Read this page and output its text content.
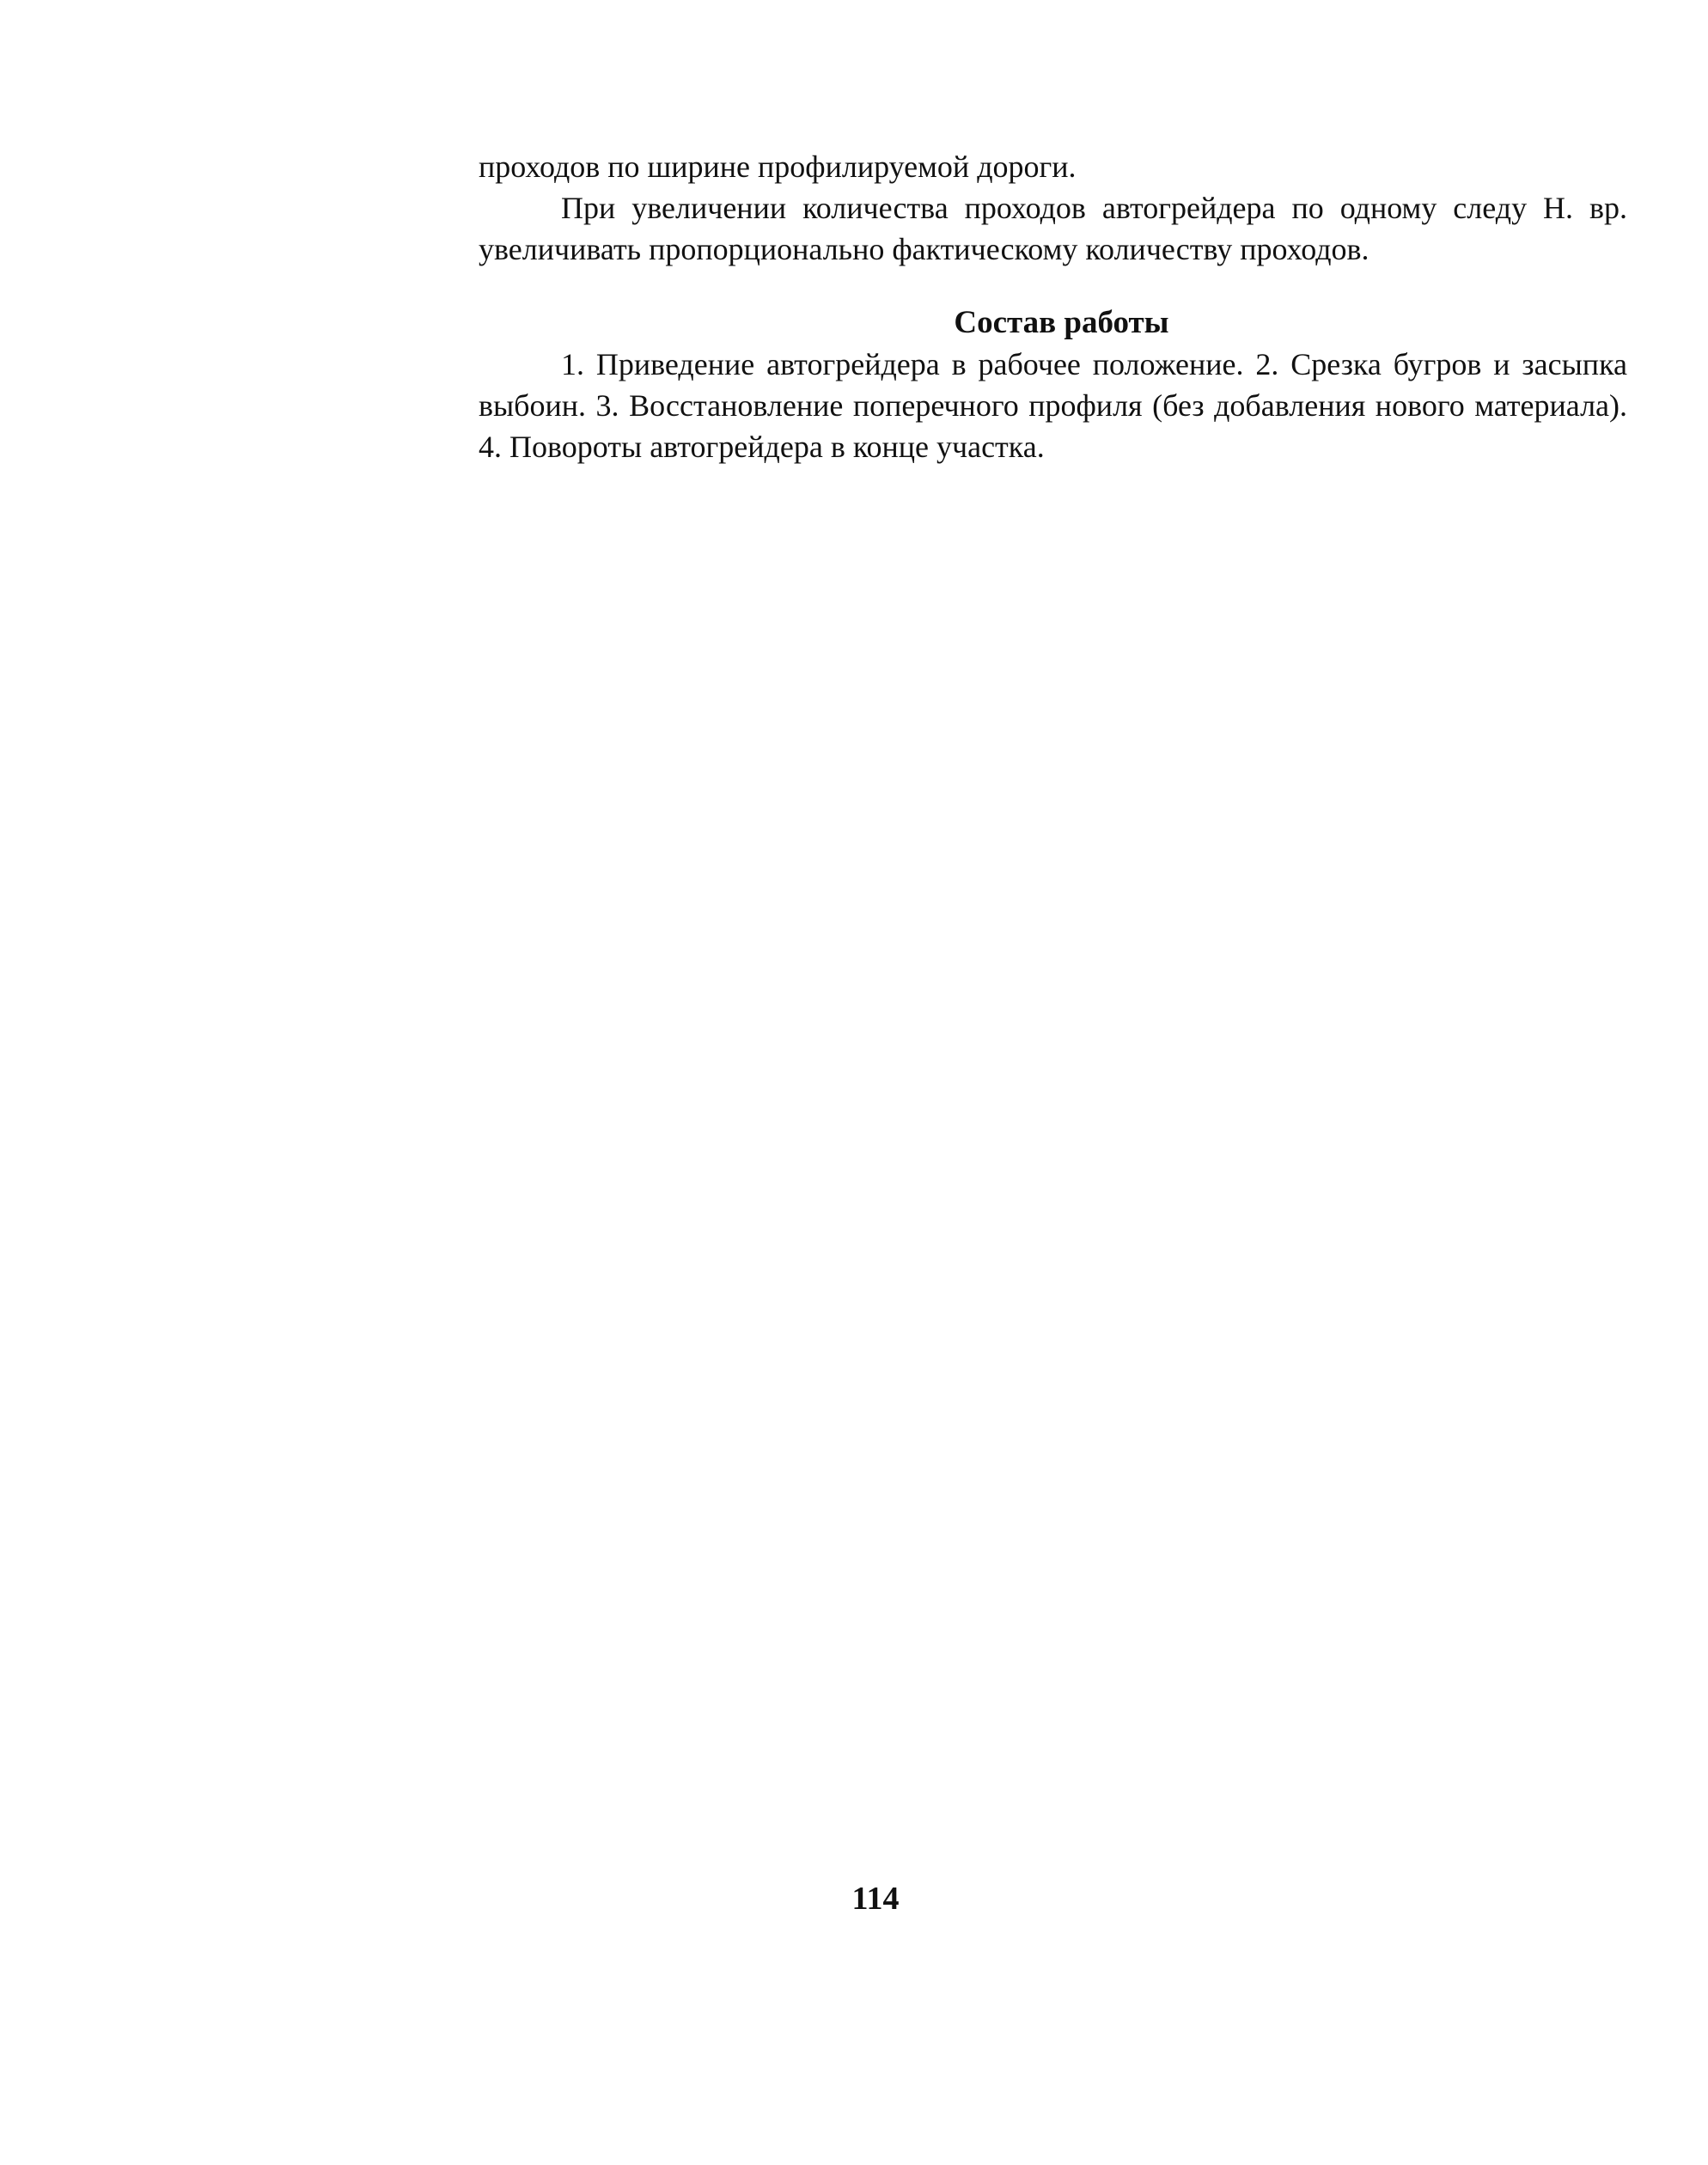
проходов по ширине профилируемой дороги.

При увеличении количества проходов автогрейдера по одному следу Н. вр. увеличивать пропорционально фактическому количеству проходов.

Состав работы

1. Приведение автогрейдера в рабочее положение. 2. Срезка бугров и засыпка выбоин. 3. Восстановление поперечного профиля (без добавления нового материала). 4. Повороты автогрейдера в конце участка.

114
